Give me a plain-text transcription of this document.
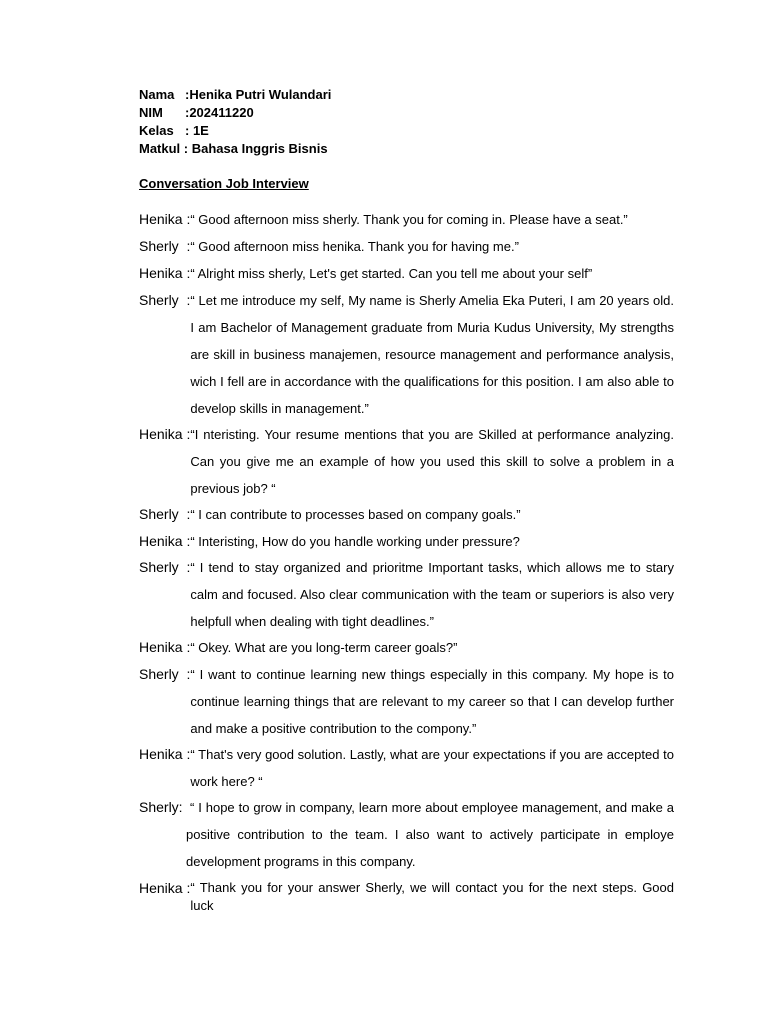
Nama :Henika Putri Wulandari
NIM	:202411220
Kelas : 1E
Matkul : Bahasa Inggris Bisnis
Conversation Job Interview
Henika : “ Good afternoon miss sherly. Thank you for coming in. Please have a seat.”
Sherly  : “ Good afternoon miss henika. Thank you for having me.”
Henika : “ Alright miss sherly, Let's get started. Can you tell me about your self”
Sherly  : “ Let me introduce my self, My name is Sherly Amelia Eka Puteri, I am 20 years old. I am Bachelor of Management graduate from Muria Kudus University, My strengths are skill in business manajemen, resource management and performance analysis, wich I fell are in accordance with the qualifications for this position. I am also able to develop skills in management.”
Henika : “I nteristing. Your resume mentions that you are Skilled at performance analyzing. Can you give me an example of how you used this skill to solve a problem in a previous job? “
Sherly  : “ I can contribute to processes based on company goals.”
Henika : “ Interisting, How do you handle working under pressure?
Sherly  : “ I tend to stay organized and prioritme Important tasks, which allows me to stary calm and focused. Also clear communication with the team or superiors is also very helpfull when dealing with tight deadlines.”
Henika : “ Okey. What are you long-term career goals?”
Sherly  : “ I want to continue learning new things especially in this company. My hope is to continue learning things that are relevant to my career so that I can develop further and make a positive contribution to the compony.”
Henika : “ That's very good solution. Lastly, what are your expectations if you are accepted to work here? “
Sherly: “ I hope to grow in company, learn more about employee management, and make a positive contribution to the team. I also want to actively participate in employe development programs in this company.
Henika : “ Thank you for your answer Sherly, we will contact you for the next steps. Good luck
